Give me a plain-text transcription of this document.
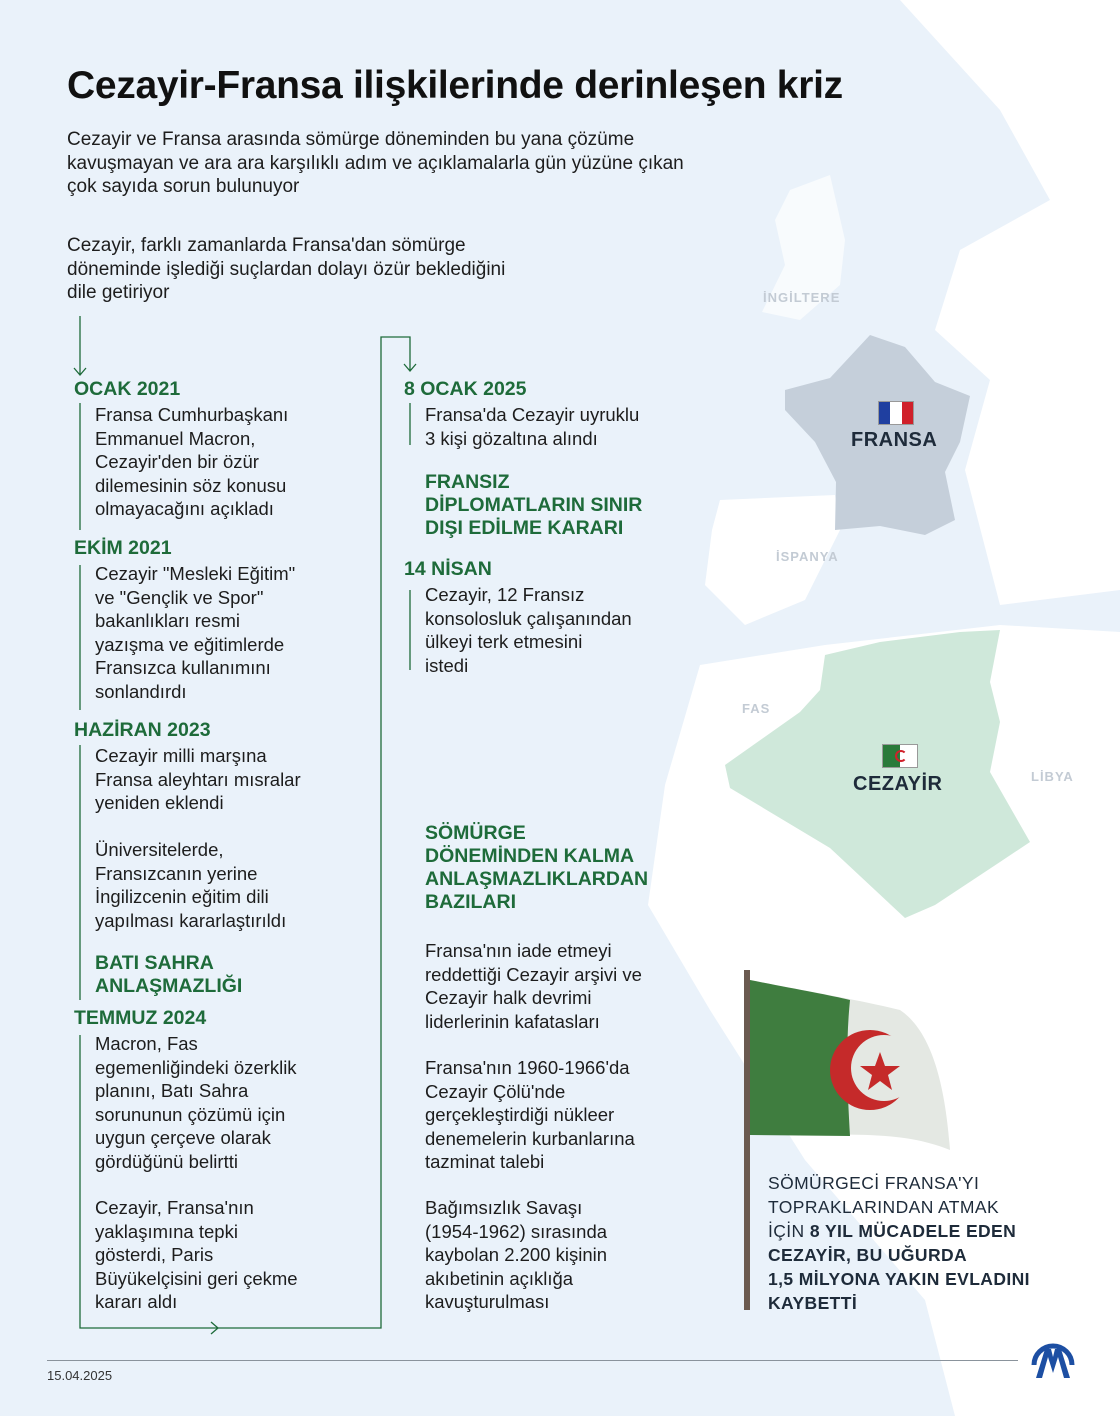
Cezayir-Fransa ilişkilerinde derinleşen kriz
Cezayir ve Fransa arasında sömürge döneminden bu yana çözüme
kavuşmayan ve ara ara karşılıklı adım ve açıklamalarla gün yüzüne çıkan
çok sayıda sorun bulunuyor
Cezayir, farklı zamanlarda Fransa'dan sömürge
döneminde işlediği suçlardan dolayı özür beklediğini
dile getiriyor
OCAK 2021
Fransa Cumhurbaşkanı
Emmanuel Macron,
Cezayir'den bir özür
dilemesinin söz konusu
olmayacağını açıkladı
EKİM 2021
Cezayir "Mesleki Eğitim"
ve "Gençlik ve Spor"
bakanlıkları resmi
yazışma ve eğitimlerde
Fransızca kullanımını
sonlandırdı
HAZİRAN 2023
Cezayir milli marşına
Fransa aleyhtarı mısralar
yeniden eklendi
Üniversitelerde,
Fransızcanın yerine
İngilizcenin eğitim dili
yapılması kararlaştırıldı
BATI SAHRA
ANLAŞMAZLIĞI
TEMMUZ 2024
Macron, Fas
egemenliğindeki özerklik
planını, Batı Sahra
sorununun çözümü için
uygun çerçeve olarak
gördüğünü belirtti
Cezayir, Fransa'nın
yaklaşımına tepki
gösterdi, Paris
Büyükelçisini geri çekme
kararı aldı
8 OCAK 2025
Fransa'da Cezayir uyruklu
3 kişi gözaltına alındı
FRANSIZ
DİPLOMATLARIN SINIR
DIŞI EDİLME KARARI
14 NİSAN
Cezayir, 12 Fransız
konsolosluk çalışanından
ülkeyi terk etmesini
istedi
SÖMÜRGE
DÖNEMİNDEN KALMA
ANLAŞMAZLIKLARDAN
BAZILARI
Fransa'nın iade etmeyi
reddettiği Cezayir arşivi ve
Cezayir halk devrimi
liderlerinin kafatasları
Fransa'nın 1960-1966'da
Cezayir Çölü'nde
gerçekleştirdiği nükleer
denemelerin kurbanlarına
tazminat talebi
Bağımsızlık Savaşı
(1954-1962) sırasında
kaybolan 2.200 kişinin
akıbetinin açıklığa
kavuşturulması
İNGİLTERE
İSPANYA
FAS
LİBYA
FRANSA
CEZAYİR
SÖMÜRGECİ FRANSA'YI
TOPRAKLARINDAN ATMAK
İÇİN 8 YIL MÜCADELE EDEN
CEZAYİR, BU UĞURDA
1,5 MİLYONA YAKIN EVLADINI
KAYBETTİ
15.04.2025
